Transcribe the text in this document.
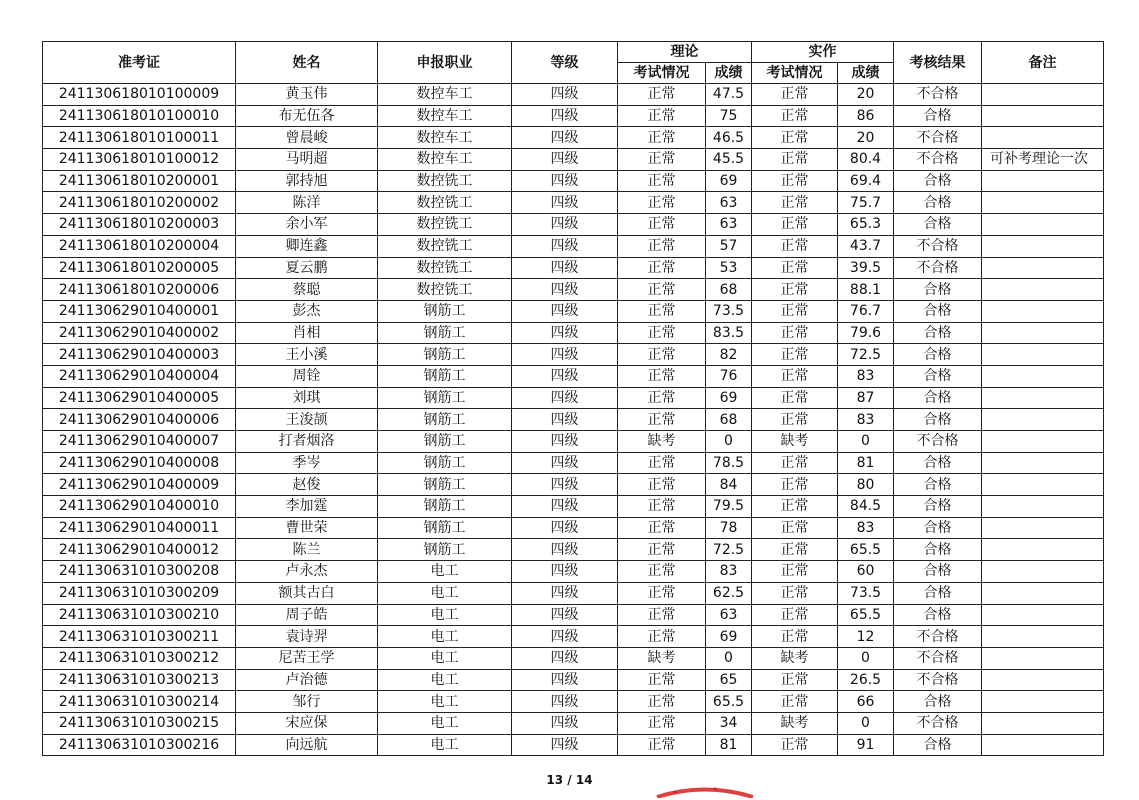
准考证	姓名	申报职业	等级	理论		实作		考核结果	备注
				考试情况	成绩	考试情况	成绩		
241130618010100009	黄玉伟	数控车工	四级	正常	47.5	正常	20	不合格	
241130618010100010	布无伍各	数控车工	四级	正常	75	正常	86	合格	
241130618010100011	曾晨峻	数控车工	四级	正常	46.5	正常	20	不合格	
241130618010100012	马明超	数控车工	四级	正常	45.5	正常	80.4	不合格	可补考理论一次
241130618010200001	郭持旭	数控铣工	四级	正常	69	正常	69.4	合格	
241130618010200002	陈洋	数控铣工	四级	正常	63	正常	75.7	合格	
241130618010200003	余小军	数控铣工	四级	正常	63	正常	65.3	合格	
241130618010200004	卿连鑫	数控铣工	四级	正常	57	正常	43.7	不合格	
241130618010200005	夏云鹏	数控铣工	四级	正常	53	正常	39.5	不合格	
241130618010200006	蔡聪	数控铣工	四级	正常	68	正常	88.1	合格	
241130629010400001	彭杰	钢筋工	四级	正常	73.5	正常	76.7	合格	
241130629010400002	肖相	钢筋工	四级	正常	83.5	正常	79.6	合格	
241130629010400003	王小溪	钢筋工	四级	正常	82	正常	72.5	合格	
241130629010400004	周铨	钢筋工	四级	正常	76	正常	83	合格	
241130629010400005	刘琪	钢筋工	四级	正常	69	正常	87	合格	
241130629010400006	王浚颉	钢筋工	四级	正常	68	正常	83	合格	
241130629010400007	打者烟洛	钢筋工	四级	缺考	0	缺考	0	不合格	
241130629010400008	季岑	钢筋工	四级	正常	78.5	正常	81	合格	
241130629010400009	赵俊	钢筋工	四级	正常	84	正常	80	合格	
241130629010400010	李加霆	钢筋工	四级	正常	79.5	正常	84.5	合格	
241130629010400011	曹世荣	钢筋工	四级	正常	78	正常	83	合格	
241130629010400012	陈兰	钢筋工	四级	正常	72.5	正常	65.5	合格	
241130631010300208	卢永杰	电工	四级	正常	83	正常	60	合格	
241130631010300209	额其古白	电工	四级	正常	62.5	正常	73.5	合格	
241130631010300210	周子皓	电工	四级	正常	63	正常	65.5	合格	
241130631010300211	袁诗羿	电工	四级	正常	69	正常	12	不合格	
241130631010300212	尼苦王学	电工	四级	缺考	0	缺考	0	不合格	
241130631010300213	卢治德	电工	四级	正常	65	正常	26.5	不合格	
241130631010300214	邹行	电工	四级	正常	65.5	正常	66	合格	
241130631010300215	宋应保	电工	四级	正常	34	缺考	0	不合格	
241130631010300216	向远航	电工	四级	正常	81	正常	91	合格	
13 / 14
